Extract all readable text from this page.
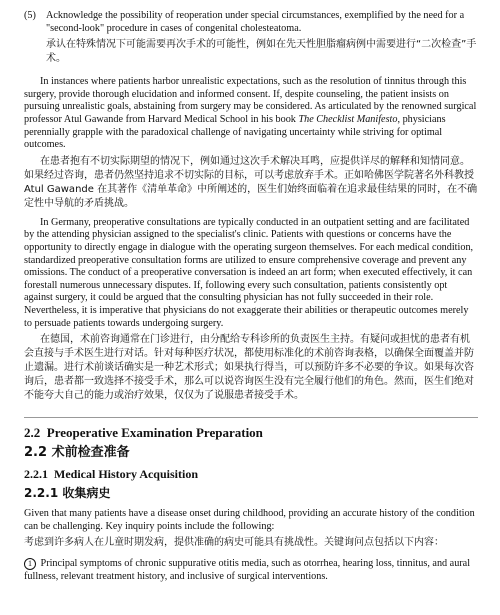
(5) Acknowledge the possibility of reoperation under special circumstances, exemplified by the need for a "second-look" procedure in cases of congenital cholesteatoma.

承认在特殊情况下可能需要再次手术的可能性，例如在先天性胆脂瘤病例中需要进行“二次检查”手术。

In instances where patients harbor unrealistic expectations, such as the resolution of tinnitus through this surgery, provide thorough elucidation and informed consent. If, despite counseling, the patient insists on pursuing unrealistic goals, abstaining from surgery may be considered. As articulated by the renowned surgical professor Atul Gawande from Harvard Medical School in his book The Checklist Manifesto, physicians perennially grapple with the paradoxical challenge of navigating uncertainty while striving for optimal outcomes.

在患者抱有不切实际期望的情况下，例如通过这次手术解决耳鸣，应提供详尽的解释和知情同意。如果经过咨询，患者仍然坚持追求不切实际的目标，可以考虑放弃手术。正如哈佛医学院著名外科教授 Atul Gawande 在其著作《清单革命》中所阐述的，医生们始终面临着在追求最佳结果的同时，在不确定性中导航的矛盾挑战。

In Germany, preoperative consultations are typically conducted in an outpatient setting and are facilitated by the attending physician assigned to the specialist's clinic. Patients with questions or concerns have the opportunity to directly engage in dialogue with the operating surgeon themselves. For each medical condition, standardized preoperative consultation forms are utilized to ensure comprehensive coverage and prevent any omissions. The conduct of a preoperative conversation is indeed an art form; when executed effectively, it can forestall numerous unnecessary disputes. If, following every such consultation, patients consistently opt against surgery, it could be argued that the consulting physician has not fully succeeded in their role. Nevertheless, it is imperative that physicians do not exaggerate their abilities or therapeutic outcomes merely to persuade patients towards undergoing surgery.

在德国，术前咨询通常在门诊进行，由分配给专科诊所的负责医生主持。有疑问或担忧的患者有机会直接与手术医生进行对话。针对每种医疗状况，都使用标准化的术前咨询表格，以确保全面覆盖并防止遗漏。进行术前谈话确实是一种艺术形式；如果执行得当，可以预防许多不必要的争议。如果每次咨询后，患者都一致选择不接受手术，那么可以说咨询医生没有完全履行他们的角色。然而，医生们绝对不能夸大自己的能力或治疗效果，仅仅为了说服患者接受手术。

2.2 Preoperative Examination Preparation

2.2 术前检查准备

2.2.1 Medical History Acquisition

2.2.1 收集病史

Given that many patients have a disease onset during childhood, providing an accurate history of the condition can be challenging. Key inquiry points include the following:

考虑到许多病人在儿童时期发病，提供准确的病史可能具有挑战性。关键询问点包括以下内容：

1 Principal symptoms of chronic suppurative otitis media, such as otorrhea, hearing loss, tinnitus, and aural fullness, relevant treatment history, and inclusive of surgical interventions.
